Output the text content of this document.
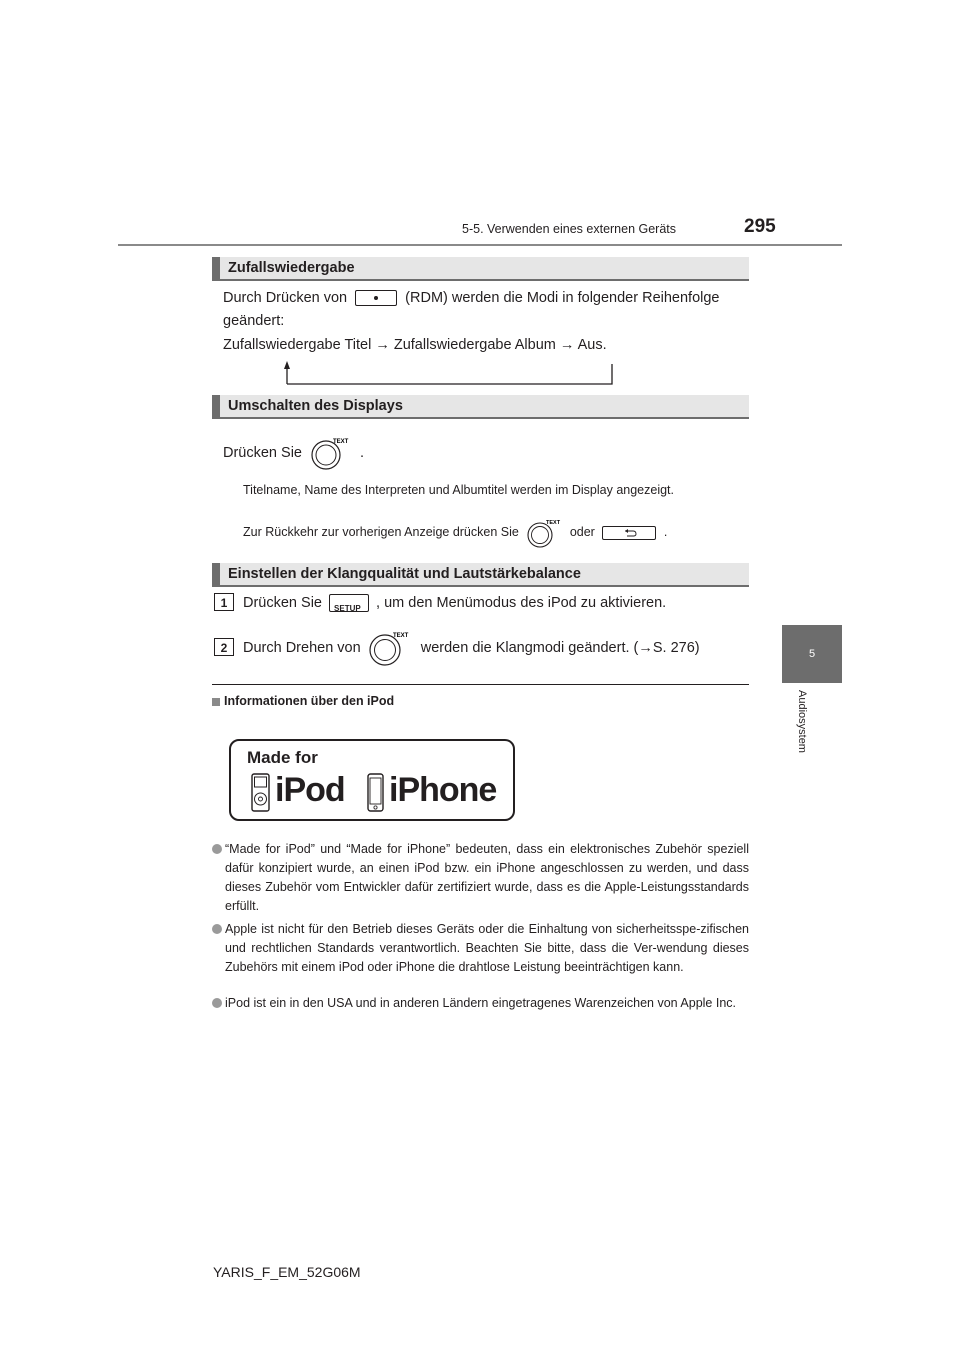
5-5. Verwenden eines externen Geräts	295
5
Audiosystem
Zufallswiedergabe
Durch Drücken von	(RDM) werden die Modi in folgender Reihenfolge
geändert:
Zufallswiedergabe Titel → Zufallswiedergabe Album → Aus.
Umschalten des Displays
Drücken Sie
TEXT
.
Titelname, Name des Interpreten und Albumtitel werden im Display angezeigt.
Zur Rückkehr zur vorherigen Anzeige drücken Sie
TEXT
oder	.
Einstellen der Klangqualität und Lautstärkebalance
1	Drücken Sie SETUP , um den Menümodus des iPod zu aktivieren.
2	Durch Drehen von
TEXT
werden die Klangmodi geändert. (→S. 276)
Informationen über den iPod
Made for
iPod iPhone
“Made for iPod” und “Made for iPhone” bedeuten, dass ein elektronisches Zubehör speziell dafür konzipiert wurde, an einen iPod bzw. ein iPhone angeschlossen zu werden, und dass dieses Zubehör vom Entwickler dafür zertifiziert wurde, dass es die Apple-Leistungsstandards erfüllt.
Apple ist nicht für den Betrieb dieses Geräts oder die Einhaltung von sicherheitsspe-zifischen und rechtlichen Standards verantwortlich. Beachten Sie bitte, dass die Ver-wendung dieses Zubehörs mit einem iPod oder iPhone die drahtlose Leistung beeinträchtigen kann.
iPod ist ein in den USA und in anderen Ländern eingetragenes Warenzeichen von Apple Inc.
YARIS_F_EM_52G06M
